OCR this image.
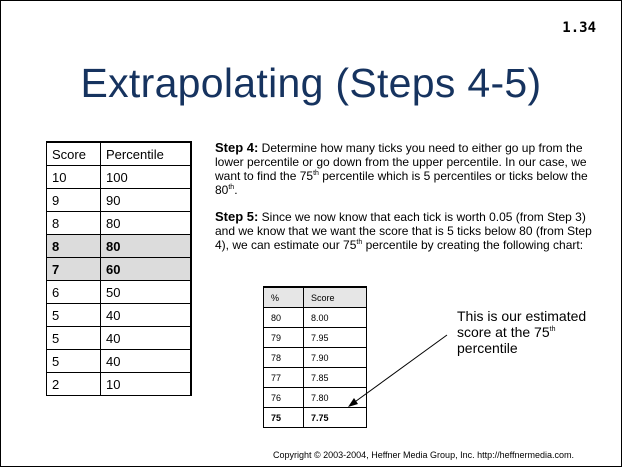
1.34
Extrapolating (Steps 4-5)
Score	Percentile
10	100
9	90
8	80
8	80
7	60
6	50
5	40
5	40
5	40
2	10
Step 4: Determine how many ticks you need to either go up from the lower percentile or go down from the upper percentile. In our case, we want to find the 75th percentile which is 5 percentiles or ticks below the 80th.
Step 5: Since we now know that each tick is worth 0.05 (from Step 3) and we know that we want the score that is 5 ticks below 80 (from Step 4), we can estimate our 75th percentile by creating the following chart:
%	Score
80	8.00
79	7.95
78	7.90
77	7.85
76	7.80
75	7.75
This is our estimated score at the 75th percentile
Copyright © 2003-2004, Heffner Media Group, Inc. http://heffnermedia.com.
